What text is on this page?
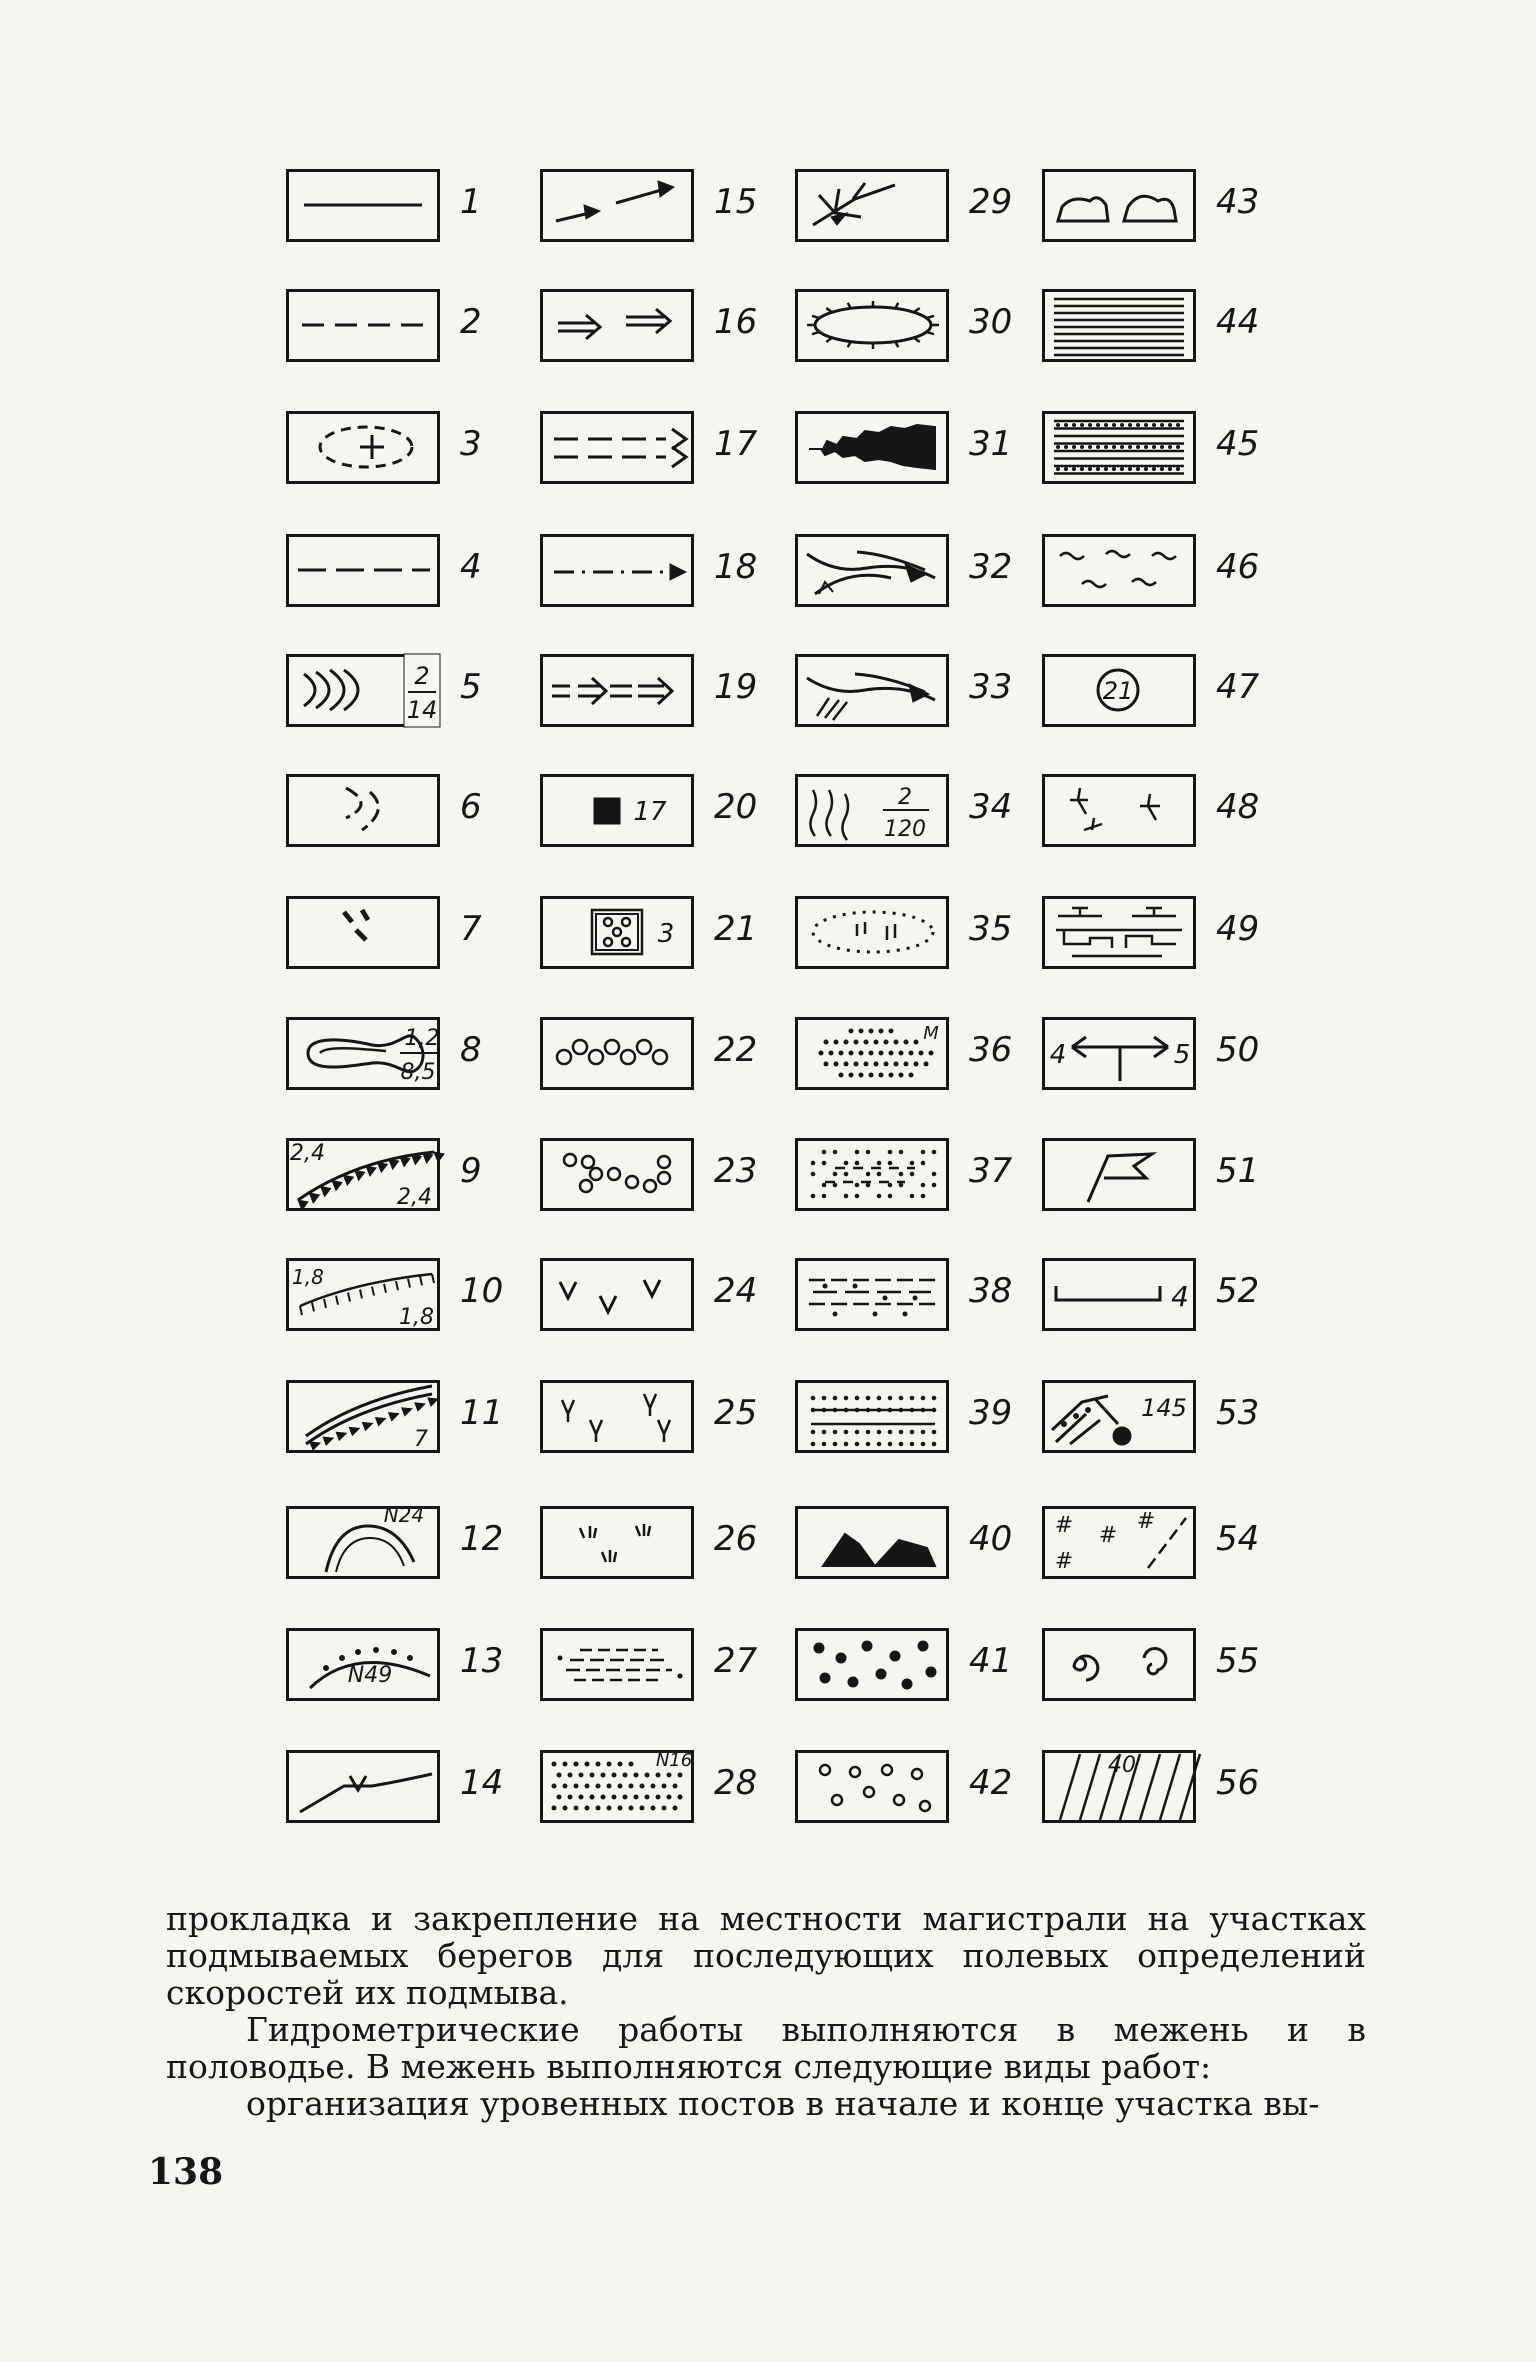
1
2
3
4
2
14
5
6
7
1,2
8,5
8
2,4
2,4
9
1,8
1,8
10
7
11
N24
12
N49 13
14
15
16
17
18
19
17 20
3 21
22
23
24
25
26
27
N16
28
29
30
31
32
33
2
120
34
35
M 36
37
38
39
40
41
42
43
44
45
46
21 47
48
49
4	5 50
51
4 52
145 53
# #
#
#
54
55
40 56

прокладка и закрепление на местности магистрали на участках подмываемых берегов для последующих полевых определений скоростей их подмыва.

Гидрометрические работы выполняются в межень и в половодье. В межень выполняются следующие виды работ:

организация уровенных постов в начале и конце участка вы-

138
